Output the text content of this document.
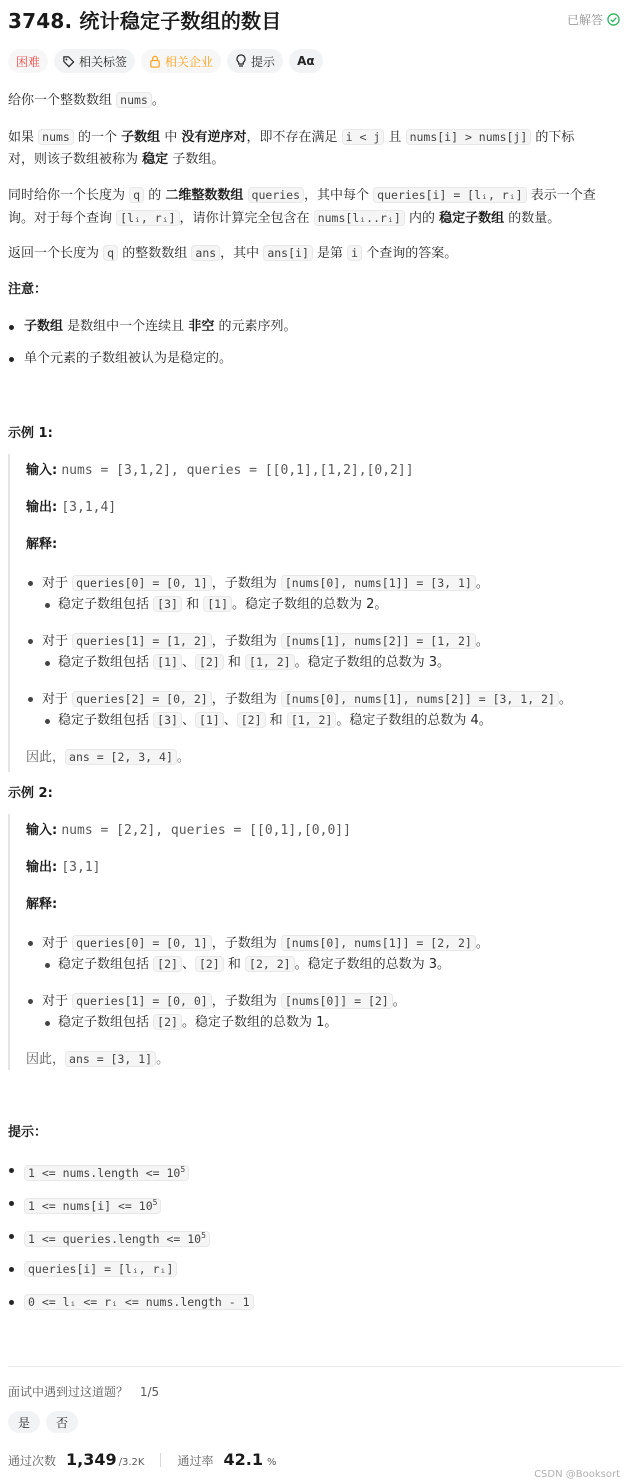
3748. 统计稳定子数组的数目	已解答
困难	相关标签	相关企业	提示 Aα
给你一个整数数组 nums 。
如果 nums 的一个 子数组 中 没有逆序对，即不存在满足 i < j 且 nums[i] > nums[j] 的下标
对，则该子数组被称为 稳定 子数组。
同时给你一个长度为 q 的 二维整数数组 queries ，其中每个 queries[i] = [lᵢ, rᵢ] 表示一个查
询。对于每个查询 [lᵢ, rᵢ] ，请你计算完全包含在 nums[lᵢ..rᵢ] 内的 稳定子数组 的数量。
返回一个长度为 q 的整数数组 ans ，其中 ans[i] 是第 i 个查询的答案。
注意：
子数组 是数组中一个连续且 非空 的元素序列。
单个元素的子数组被认为是稳定的。
示例 1:
输入: nums = [3,1,2], queries = [[0,1],[1,2],[0,2]]
输出: [3,1,4]
解释:
对于 queries[0] = [0, 1] ，子数组为 [nums[0], nums[1]] = [3, 1] 。
稳定子数组包括 [3] 和 [1] 。稳定子数组的总数为 2。
对于 queries[1] = [1, 2] ，子数组为 [nums[1], nums[2]] = [1, 2] 。
稳定子数组包括 [1] 、 [2] 和 [1, 2] 。稳定子数组的总数为 3。
对于 queries[2] = [0, 2] ，子数组为 [nums[0], nums[1], nums[2]] = [3, 1, 2] 。
稳定子数组包括 [3] 、 [1] 、 [2] 和 [1, 2] 。稳定子数组的总数为 4。
因此， ans = [2, 3, 4] 。
示例 2:
输入: nums = [2,2], queries = [[0,1],[0,0]]
输出: [3,1]
解释:
对于 queries[0] = [0, 1] ，子数组为 [nums[0], nums[1]] = [2, 2] 。
稳定子数组包括 [2] 、 [2] 和 [2, 2] 。稳定子数组的总数为 3。
对于 queries[1] = [0, 0] ，子数组为 [nums[0]] = [2] 。
稳定子数组包括 [2] 。稳定子数组的总数为 1。
因此， ans = [3, 1] 。
提示：
1 <= nums.length <= $10^5$
1 <= nums[i] <= $10^5$
1 <= queries.length <= $10^5$
queries[i] = [lᵢ, rᵢ]
0 <= lᵢ <= rᵢ <= nums.length - 1
面试中遇到过这道题？ 1/5
是 否
通过次数 1,349 /3.2K	通过率 42.1 %
CSDN @Booksort
